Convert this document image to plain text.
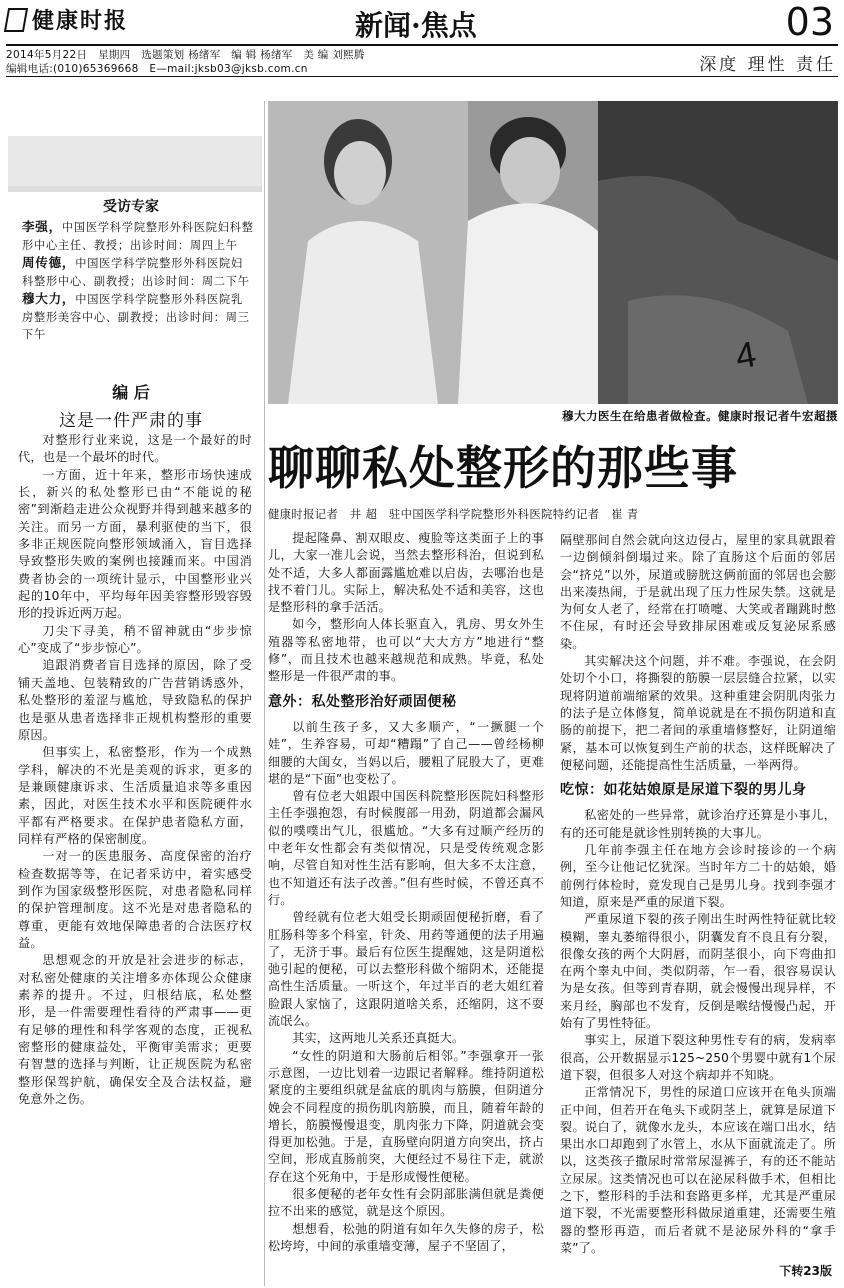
健康时报	新闻·焦点	03
2014年5月22日　星期四　选题策划 杨绪军　编 辑 杨绪军　美 编 刘熙腾
编辑电话:(010)65369668　E—mail:jksb03@jksb.com.cn	深度 理性 责任
受访专家

李强，中国医学科学院整形外科医院妇科整形中心主任、教授；出诊时间：周四上午

周传德，中国医学科学院整形外科医院妇科整形中心、副教授；出诊时间：周二下午

穆大力，中国医学科学院整形外科医院乳房整形美容中心、副教授；出诊时间：周三下午

编 后
这是一件严肃的事

对整形行业来说，这是一个最好的时代，也是一个最坏的时代。

一方面，近十年来，整形市场快速成长，新兴的私处整形已由“不能说的秘密”到渐趋走进公众视野并得到越来越多的关注。而另一方面，暴利驱使的当下，很多非正规医院向整形领域涌入，盲目选择导致整形失败的案例也接踵而来。中国消费者协会的一项统计显示，中国整形业兴起的10年中，平均每年因美容整形毁容毁形的投诉近两万起。

刀尖下寻美，稍不留神就由“步步惊心”变成了“步步惊心”。

追跟消费者盲目选择的原因，除了受铺天盖地、包装精致的广告营销诱惑外，私处整形的羞涩与尴尬，导致隐私的保护也是驱从患者选择非正规机构整形的重要原因。

但事实上，私密整形，作为一个成熟学科，解决的不光是美观的诉求，更多的是兼顾健康诉求、生活质量追求等多重因素，因此，对医生技术水平和医院硬件水平都有严格要求。在保护患者隐私方面，同样有严格的保密制度。

一对一的医患服务、高度保密的治疗检查数据等等，在记者采访中，着实感受到作为国家级整形医院，对患者隐私同样的保护管理制度。这不光是对患者隐私的尊重，更能有效地保障患者的合法医疗权益。

思想观念的开放是社会进步的标志，对私密处健康的关注增多亦体现公众健康素养的提升。不过，归根结底，私处整形，是一件需要理性看待的严肃事——更有足够的理性和科学客观的态度，正视私密整形的健康益处，平衡审美需求；更要有智慧的选择与判断，让正规医院为私密整形保驾护航，确保安全及合法权益，避免意外之伤。

4
穆大力医生在给患者做检查。健康时报记者牛宏超摄
聊聊私处整形的那些事
健康时报记者　井 超　驻中国医学科学院整形外科医院特约记者　崔 青

提起隆鼻、割双眼皮、瘦脸等这类面子上的事儿，大家一准儿会说，当然去整形科治，但说到私处不适，大多人都面露尴尬难以启齿，去哪治也是找不着门儿。实际上，解决私处不适和美容，这也是整形科的拿手活活。

如今，整形向人体长驱直入，乳房、男女外生殖器等私密地带，也可以“大大方方”地进行“整修”，而且技术也越来越规范和成熟。毕竟，私处整形是一件很严肃的事。

意外：私处整形治好顽固便秘

以前生孩子多，又大多顺产，“一撅腿一个娃”，生养容易，可却“糟蹋”了自己——曾经杨柳细腰的大闺女，当妈以后，腰粗了屁股大了，更难堪的是“下面”也变松了。

曾有位老大姐跟中国医科院整形医院妇科整形主任李强抱怨，有时候腹部一用劲，阴道都会漏风似的噗噗出气儿，很尴尬。“大多有过顺产经历的中老年女性都会有类似情况，只是受传统观念影响，尽管自知对性生活有影响，但大多不太注意，也不知道还有法子改善。”但有些时候，不曾还真不行。

曾经就有位老大姐受长期顽固便秘折磨，看了肛肠科等多个科室，针灸、用药等通便的法子用遍了，无济于事。最后有位医生提醒她，这是阴道松弛引起的便秘，可以去整形科做个缩阴术，还能提高性生活质量。一听这个，年过半百的老大姐红着脸跟人家恼了，这跟阴道啥关系，还缩阴，这不耍流氓么。

其实，这两地儿关系还真挺大。

“女性的阴道和大肠前后相邻。”李强拿开一张示意图，一边比划着一边跟记者解释。维持阴道松紧度的主要组织就是盆底的肌肉与筋膜，但阴道分娩会不同程度的损伤肌肉筋膜，而且，随着年龄的增长，筋膜慢慢退变，肌肉张力下降，阴道就会变得更加松弛。于是，直肠壁向阴道方向突出，挤占空间，形成直肠前突，大便经过不易往下走，就淤存在这个死角中，于是形成慢性便秘。

很多便秘的老年女性有会阴部胀满但就是粪便拉不出来的感觉，就是这个原因。

想想看，松弛的阴道有如年久失修的房子，松松垮垮，中间的承重墙变薄，屋子不坚固了，

隔壁那间自然会就向这边侵占，屋里的家具就跟着一边倒倾斜倒塌过来。除了直肠这个后面的邻居会“挤兑”以外，尿道或膀胱这俩前面的邻居也会膨出来凑热闹，于是就出现了压力性尿失禁。这就是为何女人老了，经常在打喷嚏、大笑或者蹦跳时憋不住尿，有时还会导致排尿困难或反复泌尿系感染。

其实解决这个问题，并不难。李强说，在会阴处切个小口，将撕裂的筋膜一层层缝合拉紧，以实现将阴道前端缩紧的效果。这种重建会阴肌肉张力的法子是立体修复，简单说就是在不损伤阴道和直肠的前提下，把二者间的承重墙修整好，让阴道缩紧，基本可以恢复到生产前的状态，这样既解决了便秘问题，还能提高性生活质量，一举两得。

吃惊：如花姑娘原是尿道下裂的男儿身

私密处的一些异常，就诊治疗还算是小事儿，有的还可能是就诊性别转换的大事儿。

几年前李强主任在地方会诊时接诊的一个病例，至今让他记忆犹深。当时年方二十的姑娘，婚前例行体检时，竟发现自己是男儿身。找到李强才知道，原来是严重的尿道下裂。

严重尿道下裂的孩子刚出生时两性特征就比较模糊，睾丸萎缩得很小，阴囊发育不良且有分裂，很像女孩的两个大阴唇，而阴茎很小，向下弯曲扣在两个睾丸中间，类似阴蒂，乍一看，很容易误认为是女孩。但等到青春期，就会慢慢出现异样，不来月经，胸部也不发育，反倒是喉结慢慢凸起，开始有了男性特征。

事实上，尿道下裂这种男性专有的病，发病率很高，公开数据显示125~250个男婴中就有1个尿道下裂，但很多人对这个病却并不知晓。

正常情况下，男性的尿道口应该开在龟头顶端正中间，但若开在龟头下或阴茎上，就算是尿道下裂。说白了，就像水龙头，本应该在端口出水，结果出水口却跑到了水管上，水从下面就流走了。所以，这类孩子撒尿时常常尿湿裤子，有的还不能站立尿尿。这类情况也可以在泌尿科做手术，但相比之下，整形科的手法和套路更多样，尤其是严重尿道下裂，不光需要整形科做尿道重建，还需要生殖器的整形再造，而后者就不是泌尿外科的“拿手菜”了。

下转23版
